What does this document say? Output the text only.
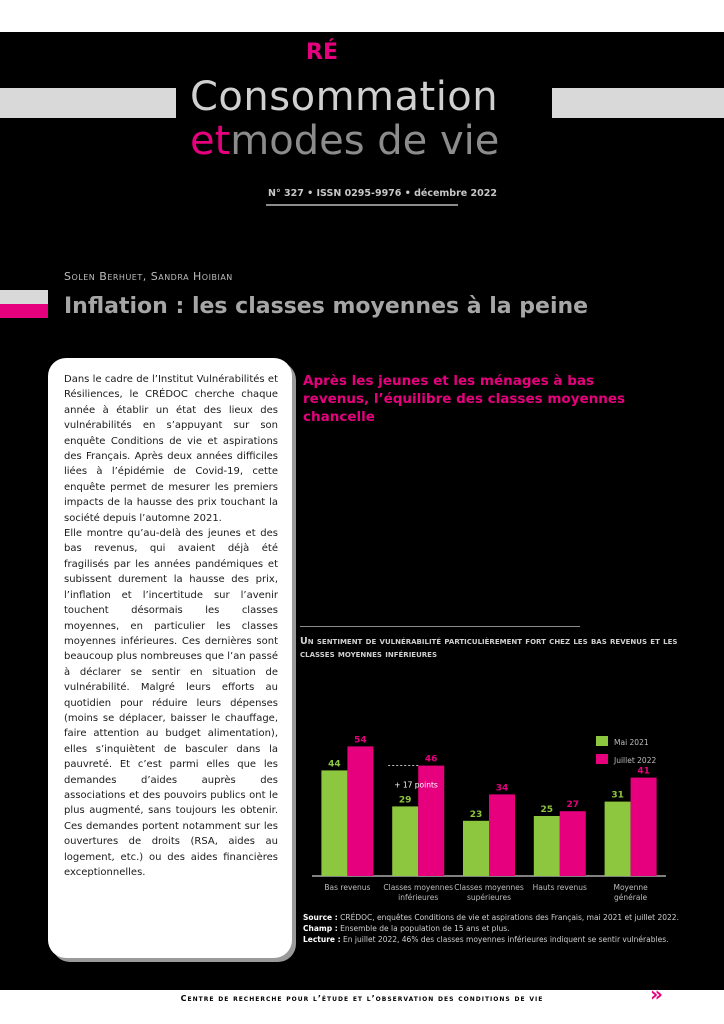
RÉ
Consommation
etmodes de vie
N° 327 • ISSN 0295-9976 • décembre 2022
Solen Berhuet, Sandra Hoibian
Inflation : les classes moyennes à la peine

Dans le cadre de l’Institut Vulnérabilités et Résiliences, le CRÉDOC cherche chaque année à établir un état des lieux des vulnérabilités en s’appuyant sur son enquête Conditions de vie et aspirations des Français. Après deux années difficiles liées à l’épidémie de Covid-19, cette enquête permet de mesurer les premiers impacts de la hausse des prix touchant la société depuis l’automne 2021.

Elle montre qu’au-delà des jeunes et des bas revenus, qui avaient déjà été fragilisés par les années pandémiques et subissent durement la hausse des prix, l’inflation et l’incertitude sur l’avenir touchent désormais les classes moyennes, en particulier les classes moyennes inférieures. Ces dernières sont beaucoup plus nombreuses que l’an passé à déclarer se sentir en situation de vulnérabilité. Malgré leurs efforts au quotidien pour réduire leurs dépenses (moins se déplacer, baisser le chauffage, faire attention au budget alimentation), elles s’inquiètent de basculer dans la pauvreté. Et c’est parmi elles que les demandes d’aides auprès des associations et des pouvoirs publics ont le plus augmenté, sans toujours les obtenir. Ces demandes portent notamment sur les ouvertures de droits (RSA, aides au logement, etc.) ou des aides financières exceptionnelles.

Après les jeunes et les ménages à bas revenus, l’équilibre des classes moyennes chancelle
Un sentiment de vulnérabilité particulièrement fort chez les bas revenus et les classes moyennes inférieures
44
54
Bas revenus
29
46
Classes moyennes
inférieures
23
34
Classes moyennes
supérieures
25 27
Hauts revenus
31
41
Moyenne
générale
Mai 2021
Juillet 2022
+ 17 points
Source : CRÉDOC, enquêtes Conditions de vie et aspirations des Français, mai 2021 et juillet 2022.
Champ : Ensemble de la population de 15 ans et plus.
Lecture : En juillet 2022, 46% des classes moyennes inférieures indiquent se sentir vulnérables.
Centre de recherche pour l’étude et l’observation des conditions de vie	»
